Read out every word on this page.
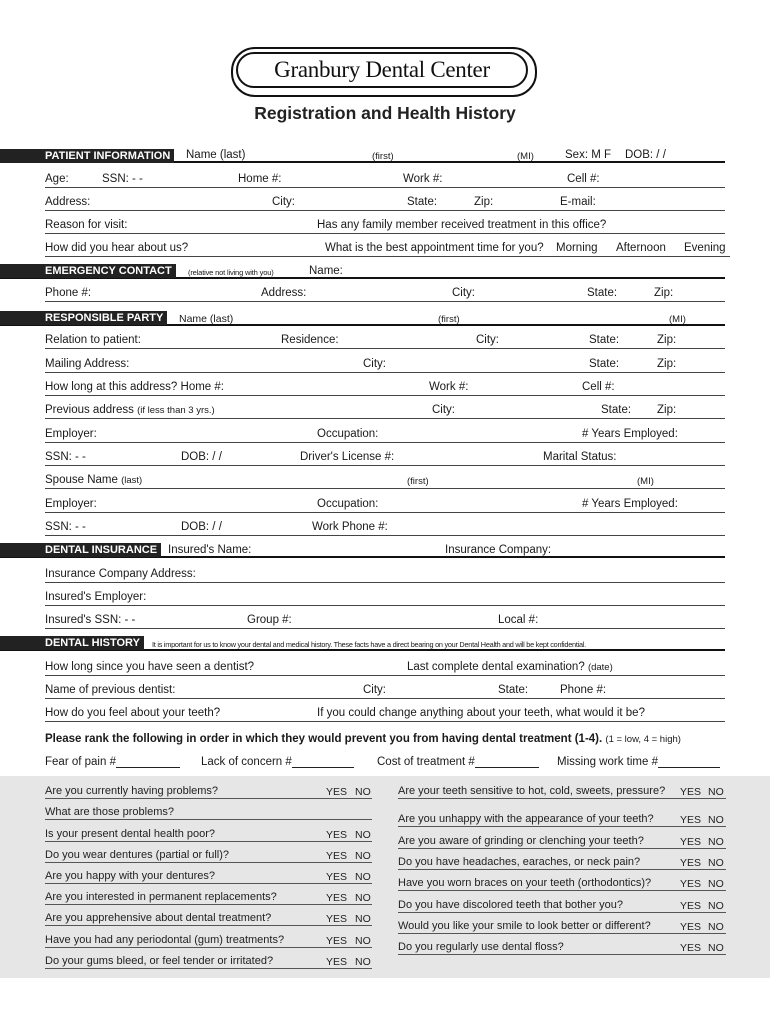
Granbury Dental Center
Registration and Health History
PATIENT INFORMATION	Name (last)	(first)	(MI)	Sex: M F DOB: / /
Age:	SSN: - -	Home #:	Work #:	Cell #:
Address:	City:	State:	Zip:	E-mail:
Reason for visit:	Has any family member received treatment in this office?
How did you hear about us?	What is the best appointment time for you? Morning Afternoon Evening
EMERGENCY CONTACT	(relative not living with you)	Name:
Phone #:	Address:	City:	State:	Zip:
RESPONSIBLE PARTY	Name (last)	(first)	(MI)
Relation to patient:	Residence:	City:	State:	Zip:
Mailing Address:	City:	State:	Zip:
How long at this address? Home #:	Work #:	Cell #:
Previous address (if less than 3 yrs.)	City:	State: Zip:
Employer:	Occupation:	# Years Employed:
SSN: - -	DOB: / /	Driver's License #:	Marital Status:
Spouse Name (last)	(first)	(MI)
Employer:	Occupation:	# Years Employed:
SSN: - -	DOB: / /	Work Phone #:
DENTAL INSURANCE Insured's Name:	Insurance Company:
Insurance Company Address:
Insured's Employer:
Insured's SSN: - -	Group #:	Local #:
DENTAL HISTORY	It is important for us to know your dental and medical history. These facts have a direct bearing on your Dental Health and will be kept confidential.
How long since you have seen a dentist?	Last complete dental examination? (date)
Name of previous dentist:	City:	State:	Phone #:
How do you feel about your teeth?	If you could change anything about your teeth, what would it be?
Please rank the following in order in which they would prevent you from having dental treatment (1-4). (1 = low, 4 = high)
Fear of pain #	Lack of concern #	Cost of treatment #	Missing work time #
Are you currently having problems?	YES NO
What are those problems?
Is your present dental health poor?	YES NO
Do you wear dentures (partial or full)?	YES NO
Are you happy with your dentures?	YES NO
Are you interested in permanent replacements?	YES NO
Are you apprehensive about dental treatment?	YES NO
Have you had any periodontal (gum) treatments?	YES NO
Do your gums bleed, or feel tender or irritated?	YES NO
Are your teeth sensitive to hot, cold, sweets, pressure? YES NO
Are you unhappy with the appearance of your teeth?	YES NO
Are you aware of grinding or clenching your teeth?	YES NO
Do you have headaches, earaches, or neck pain?	YES NO
Have you worn braces on your teeth (orthodontics)?	YES NO
Do you have discolored teeth that bother you?	YES NO
Would you like your smile to look better or different?	YES NO
Do you regularly use dental floss?	YES NO
